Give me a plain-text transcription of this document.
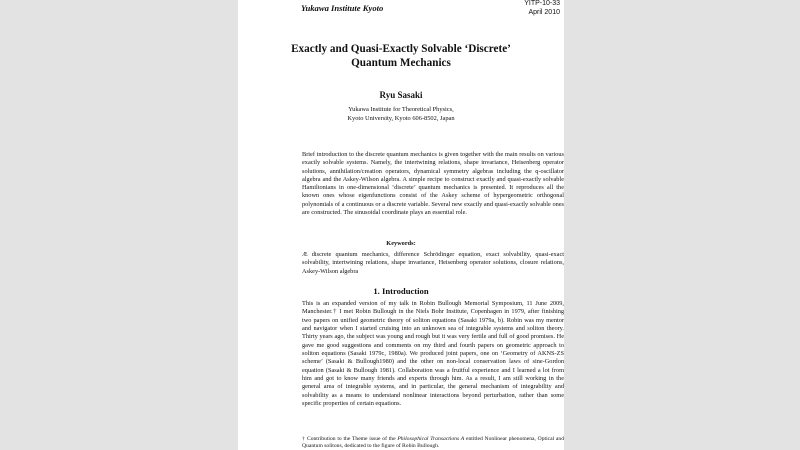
Yukawa Institute Kyoto	YITP-10-33
April 2010
Exactly and Quasi-Exactly Solvable ‘Discrete’
Quantum Mechanics
Ryu Sasaki
Yukawa Institute for Theoretical Physics,
Kyoto University, Kyoto 606-8502, Japan
Brief introduction to the discrete quantum mechanics is given together with the main results on various exactly solvable systems. Namely, the intertwining relations, shape invariance, Heisenberg operator solutions, annihilation/creation operators, dynamical symmetry algebras including the q-oscillator algebra and the Askey-Wilson algebra. A simple recipe to construct exactly and quasi-exactly solvable Hamiltonians in one-dimensional ‘discrete’ quantum mechanics is presented. It reproduces all the known ones whose eigenfunctions consist of the Askey scheme of hypergeometric orthogonal polynomials of a continuous or a discrete variable. Several new exactly and quasi-exactly solvable ones are constructed. The sinusoidal coordinate plays an essential role.
Keywords:
Æ discrete quantum mechanics, difference Schrödinger equation, exact solvability, quasi-exact solvability, intertwining relations, shape invariance, Heisenberg operator solutions, closure relations, Askey-Wilson algebra
1. Introduction
This is an expanded version of my talk in Robin Bullough Memorial Symposium, 11 June 2009, Manchester.† I met Robin Bullough in the Niels Bohr Institute, Copenhagen in 1979, after finishing two papers on unified geometric theory of soliton equations (Sasaki 1979a, b). Robin was my mentor and navigator when I started cruising into an unknown sea of integrable systems and soliton theory. Thirty years ago, the subject was young and rough but it was very fertile and full of good promises. He gave me good suggestions and comments on my third and fourth papers on geometric approach to soliton equations (Sasaki 1979c, 1980a). We produced joint papers, one on ‘Geometry of AKNS-ZS scheme’ (Sasaki & Bullough1980) and the other on non-local conservation laws of sine-Gordon equation (Sasaki & Bullough 1981). Collaboration was a fruitful experience and I learned a lot from him and got to know many friends and experts through him. As a result, I am still working in the general area of integrable systems, and in particular, the general mechanism of integrability and solvability as a means to understand nonlinear interactions beyond perturbation, rather than some specific properties of certain equations.
† Contribution to the Theme issue of the Philosophical Transactions A entitled Nonlinear phenomena, Optical and Quantum solitons, dedicated to the figure of Robin Bullough.
